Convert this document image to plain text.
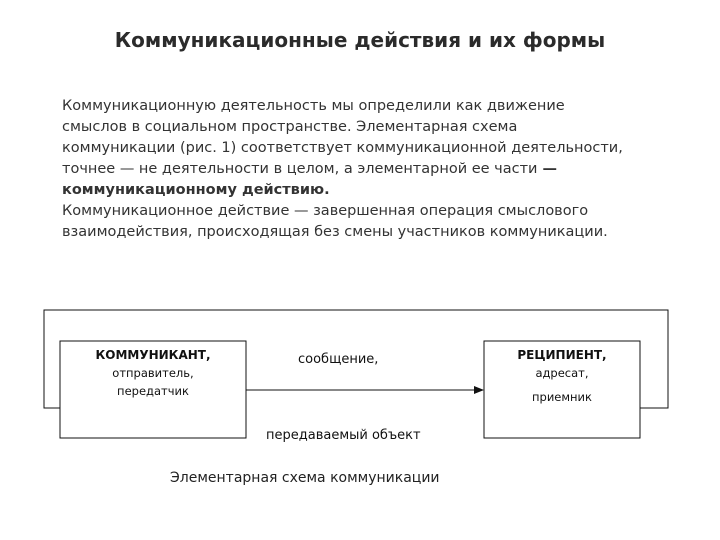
Коммуникационные действия и их формы
Коммуникационную деятельность мы определили как движение
смыслов в социальном пространстве. Элементарная схема
коммуникации (рис. 1) соответствует коммуникационной деятельности,
точнее — не деятельности в целом, а элементарной ее части —
коммуникационному действию.
Коммуникационное действие — завершенная операция смыслового
взаимодействия, происходящая без смены участников коммуникации.
КОММУНИКАНТ,
отправитель,
передатчик
РЕЦИПИЕНТ,
адресат,
приемник
сообщение,
передаваемый объект
Элементарная схема коммуникации
